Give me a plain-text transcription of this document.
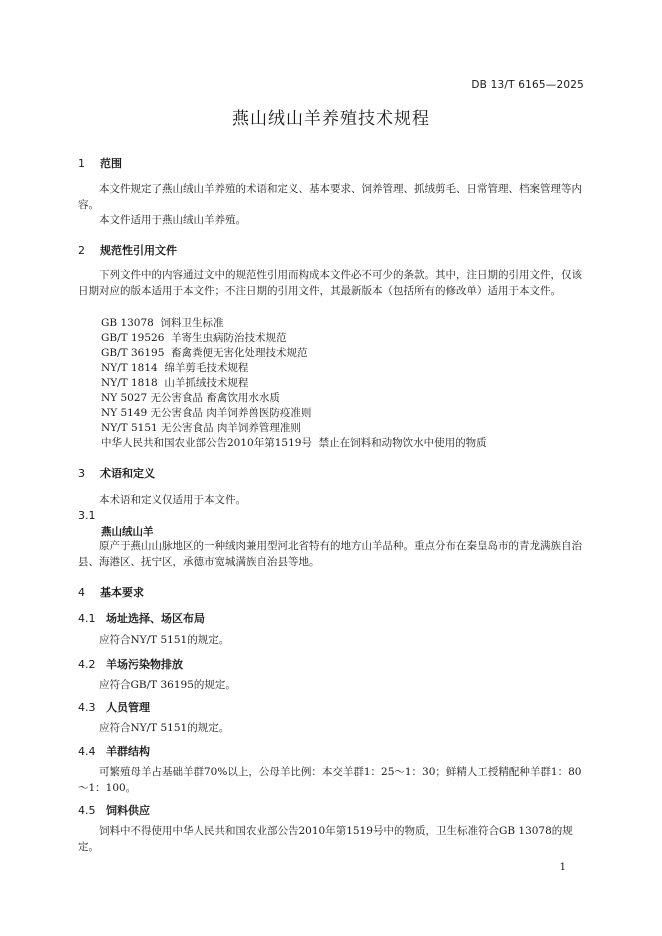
DB 13/T 6165—2025
燕山绒山羊养殖技术规程
1 范围

本文件规定了燕山绒山羊养殖的术语和定义、基本要求、饲养管理、抓绒剪毛、日常管理、档案管理等内容。

本文件适用于燕山绒山羊养殖。

2 规范性引用文件

下列文件中的内容通过文中的规范性引用而构成本文件必不可少的条款。其中，注日期的引用文件，仅该日期对应的版本适用于本文件；不注日期的引用文件，其最新版本（包括所有的修改单）适用于本文件。

GB 13078  饲料卫生标准
GB/T 19526  羊寄生虫病防治技术规范
GB/T 36195  畜禽粪便无害化处理技术规范
NY/T 1814  绵羊剪毛技术规程
NY/T 1818  山羊抓绒技术规程
NY 5027 无公害食品 畜禽饮用水水质
NY 5149 无公害食品 肉羊饲养兽医防疫准则
NY/T 5151 无公害食品 肉羊饲养管理准则
中华人民共和国农业部公告2010年第1519号  禁止在饲料和动物饮水中使用的物质
3 术语和定义

本术语和定义仅适用于本文件。

3.1
燕山绒山羊

原产于燕山山脉地区的一种绒肉兼用型河北省特有的地方山羊品种。重点分布在秦皇岛市的青龙满族自治县、海港区、抚宁区，承德市宽城满族自治县等地。

4 基本要求
4.1 场址选择、场区布局

应符合NY/T 5151的规定。

4.2 羊场污染物排放

应符合GB/T 36195的规定。

4.3 人员管理

应符合NY/T 5151的规定。

4.4 羊群结构

可繁殖母羊占基础羊群70%以上，公母羊比例：本交羊群1：25～1：30；鲜精人工授精配种羊群1：80～1：100。

4.5 饲料供应

饲料中不得使用中华人民共和国农业部公告2010年第1519号中的物质，卫生标准符合GB 13078的规定。

1
